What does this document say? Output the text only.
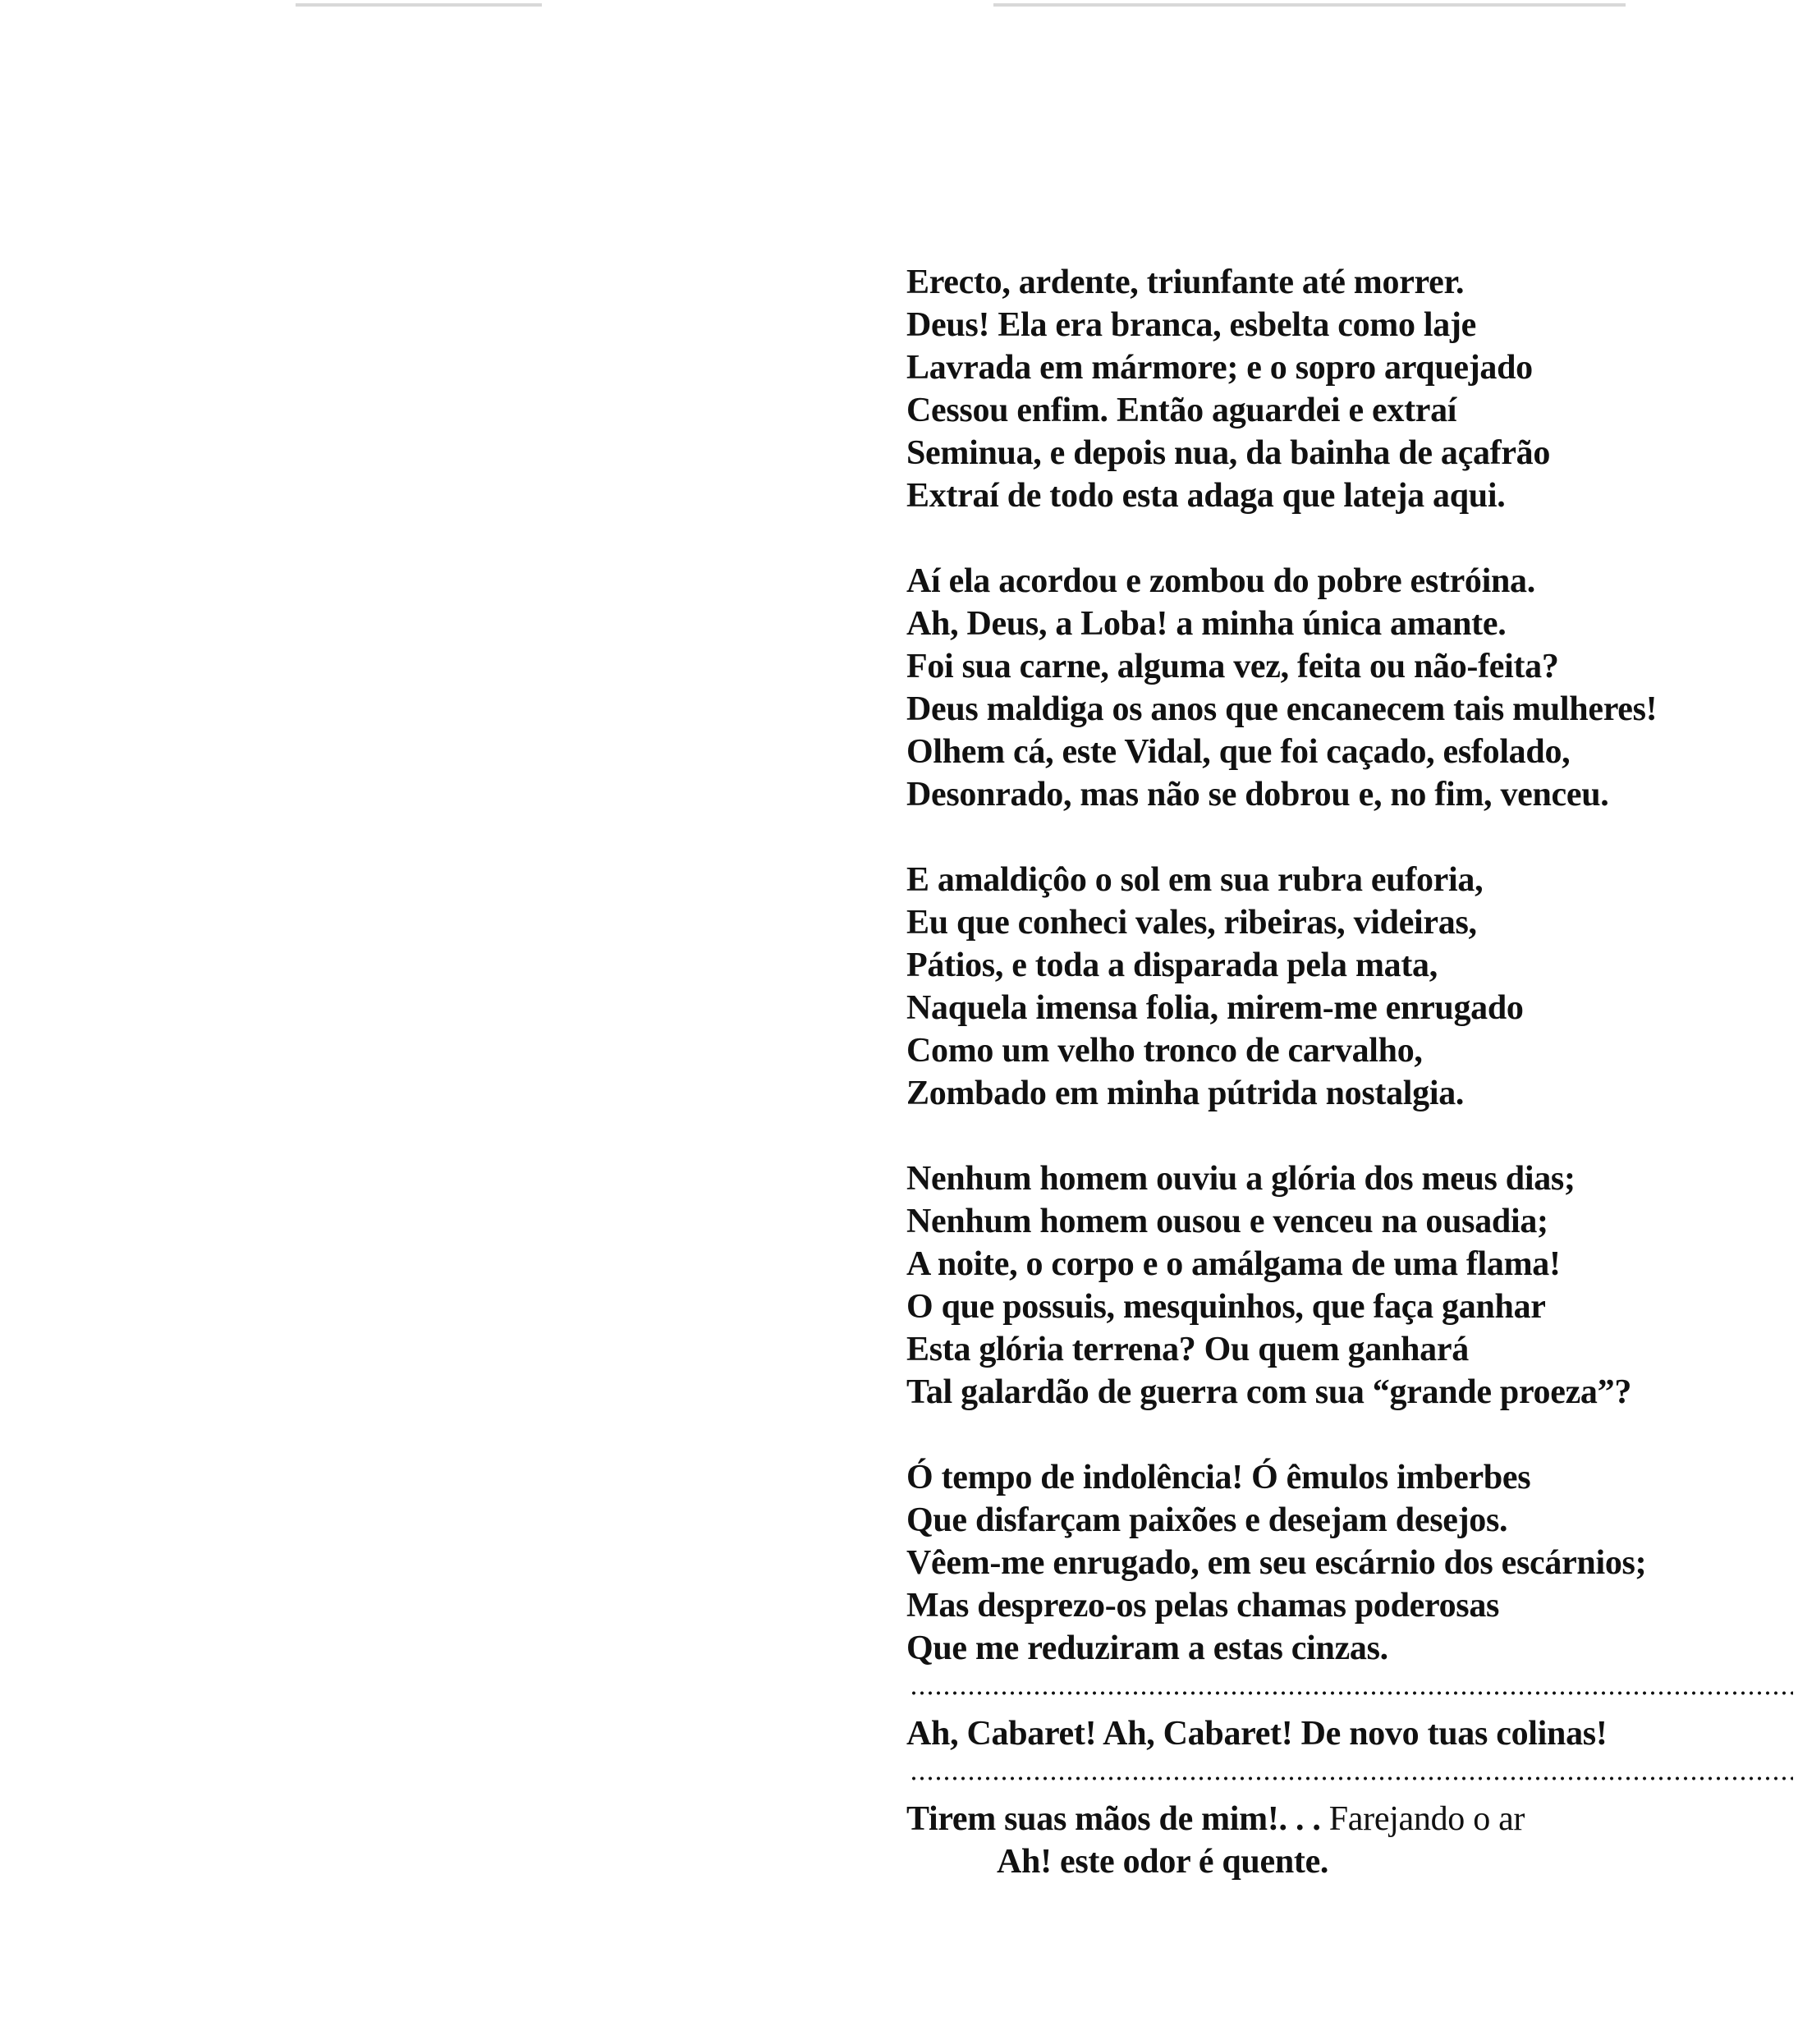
Erecto, ardente, triunfante até morrer.
Deus! Ela era branca, esbelta como laje
Lavrada em mármore; e o sopro arquejado
Cessou enfim. Então aguardei e extraí
Seminua, e depois nua, da bainha de açafrão
Extraí de todo esta adaga que lateja aqui.
Aí ela acordou e zombou do pobre estróina.
Ah, Deus, a Loba! a minha única amante.
Foi sua carne, alguma vez, feita ou não-feita?
Deus maldiga os anos que encanecem tais mulheres!
Olhem cá, este Vidal, que foi caçado, esfolado,
Desonrado, mas não se dobrou e, no fim, venceu.
E amaldiçôo o sol em sua rubra euforia,
Eu que conheci vales, ribeiras, videiras,
Pátios, e toda a disparada pela mata,
Naquela imensa folia, mirem-me enrugado
Como um velho tronco de carvalho,
Zombado em minha pútrida nostalgia.
Nenhum homem ouviu a glória dos meus dias;
Nenhum homem ousou e venceu na ousadia;
A noite, o corpo e o amálgama de uma flama!
O que possuis, mesquinhos, que faça ganhar
Esta glória terrena? Ou quem ganhará
Tal galardão de guerra com sua “grande proeza”?
Ó tempo de indolência! Ó êmulos imberbes
Que disfarçam paixões e desejam desejos.
Vêem-me enrugado, em seu escárnio dos escárnios;
Mas desprezo-os pelas chamas poderosas
Que me reduziram a estas cinzas.
Ah, Cabaret! Ah, Cabaret! De novo tuas colinas!
Tirem suas mãos de mim!. . . Farejando o ar
Ah! este odor é quente.
